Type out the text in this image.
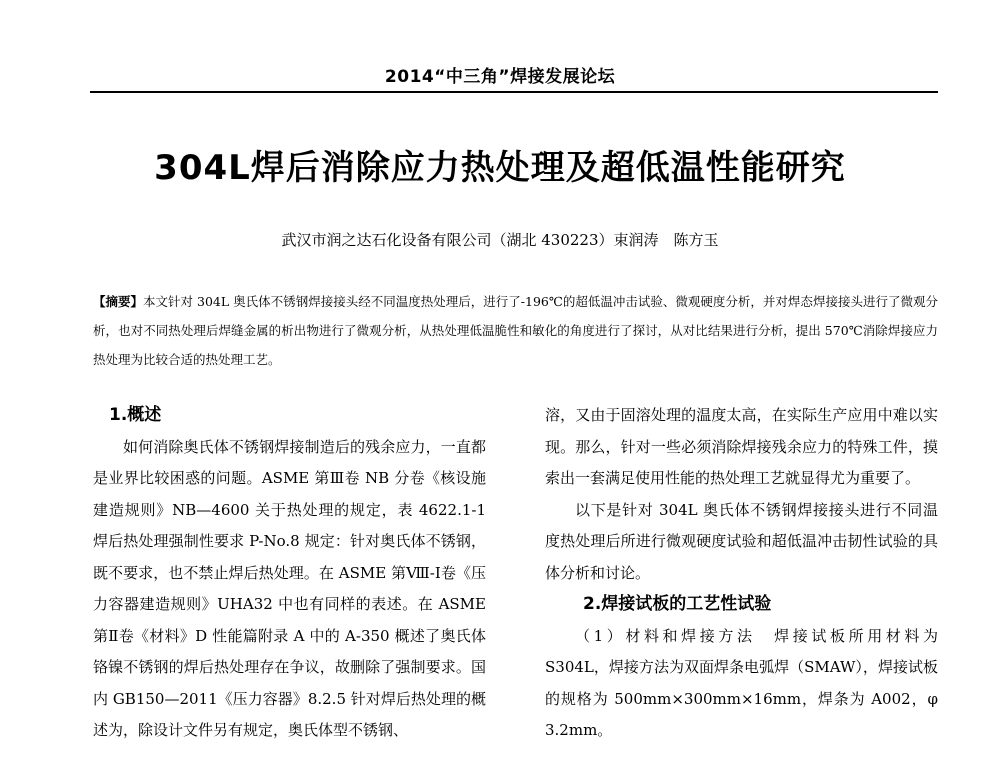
2014“中三角”焊接发展论坛
304L焊后消除应力热处理及超低温性能研究
武汉市润之达石化设备有限公司（湖北 430223）束润涛　陈方玉
【摘要】本文针对 304L 奥氏体不锈钢焊接接头经不同温度热处理后，进行了-196℃的超低温冲击试验、微观硬度分析，并对焊态焊接接头进行了微观分析，也对不同热处理后焊缝金属的析出物进行了微观分析，从热处理低温脆性和敏化的角度进行了探讨，从对比结果进行分析，提出 570℃消除焊接应力热处理为比较合适的热处理工艺。
1.概述

如何消除奥氏体不锈钢焊接制造后的残余应力，一直都是业界比较困惑的问题。ASME 第Ⅲ卷 NB 分卷《核设施建造规则》NB—4600 关于热处理的规定，表 4622.1-1 焊后热处理强制性要求 P-No.8 规定：针对奥氏体不锈钢，既不要求，也不禁止焊后热处理。在 ASME 第Ⅷ-Ⅰ卷《压力容器建造规则》UHA32 中也有同样的表述。在 ASME 第Ⅱ卷《材料》D 性能篇附录 A 中的 A-350 概述了奥氏体铬镍不锈钢的焊后热处理存在争议，故删除了强制要求。国内 GB150—2011《压力容器》8.2.5 针对焊后热处理的概述为，除设计文件另有规定，奥氏体型不锈钢、

溶，又由于固溶处理的温度太高，在实际生产应用中难以实现。那么，针对一些必须消除焊接残余应力的特殊工件，摸索出一套满足使用性能的热处理工艺就显得尤为重要了。

以下是针对 304L 奥氏体不锈钢焊接接头进行不同温度热处理后所进行微观硬度试验和超低温冲击韧性试验的具体分析和讨论。

2.焊接试板的工艺性试验

（1）材料和焊接方法　焊接试板所用材料为 S304L，焊接方法为双面焊条电弧焊（SMAW），焊接试板的规格为 500mm×300mm×16mm，焊条为 A002，φ 3.2mm。
